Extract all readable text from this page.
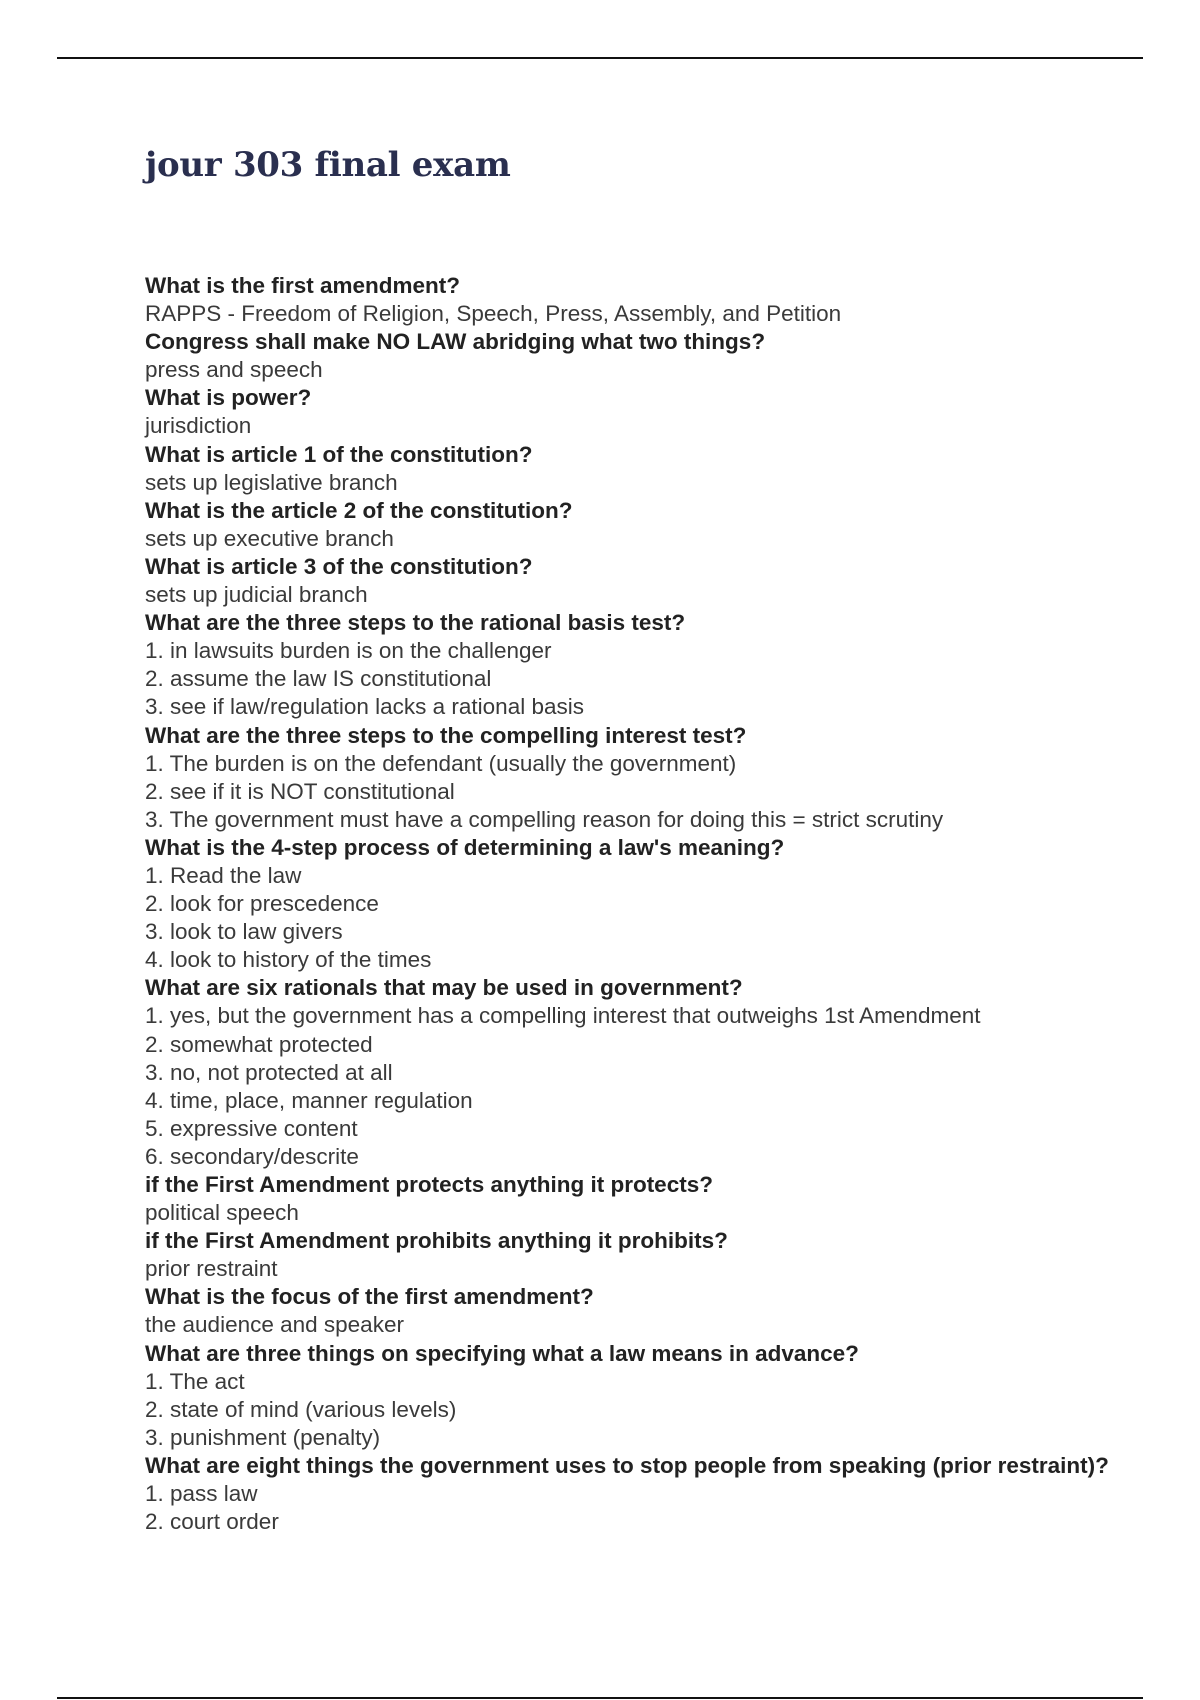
jour 303 final exam
What is the first amendment?
RAPPS - Freedom of Religion, Speech, Press, Assembly, and Petition
Congress shall make NO LAW abridging what two things?
press and speech
What is power?
jurisdiction
What is article 1 of the constitution?
sets up legislative branch
What is the article 2 of the constitution?
sets up executive branch
What is article 3 of the constitution?
sets up judicial branch
What are the three steps to the rational basis test?
1. in lawsuits burden is on the challenger
2. assume the law IS constitutional
3. see if law/regulation lacks a rational basis
What are the three steps to the compelling interest test?
1. The burden is on the defendant (usually the government)
2. see if it is NOT constitutional
3. The government must have a compelling reason for doing this = strict scrutiny
What is the 4-step process of determining a law's meaning?
1. Read the law
2. look for prescedence
3. look to law givers
4. look to history of the times
What are six rationals that may be used in government?
1. yes, but the government has a compelling interest that outweighs 1st Amendment
2. somewhat protected
3. no, not protected at all
4. time, place, manner regulation
5. expressive content
6. secondary/descrite
if the First Amendment protects anything it protects?
political speech
if the First Amendment prohibits anything it prohibits?
prior restraint
What is the focus of the first amendment?
the audience and speaker
What are three things on specifying what a law means in advance?
1. The act
2. state of mind (various levels)
3. punishment (penalty)
What are eight things the government uses to stop people from speaking (prior restraint)?
1. pass law
2. court order
